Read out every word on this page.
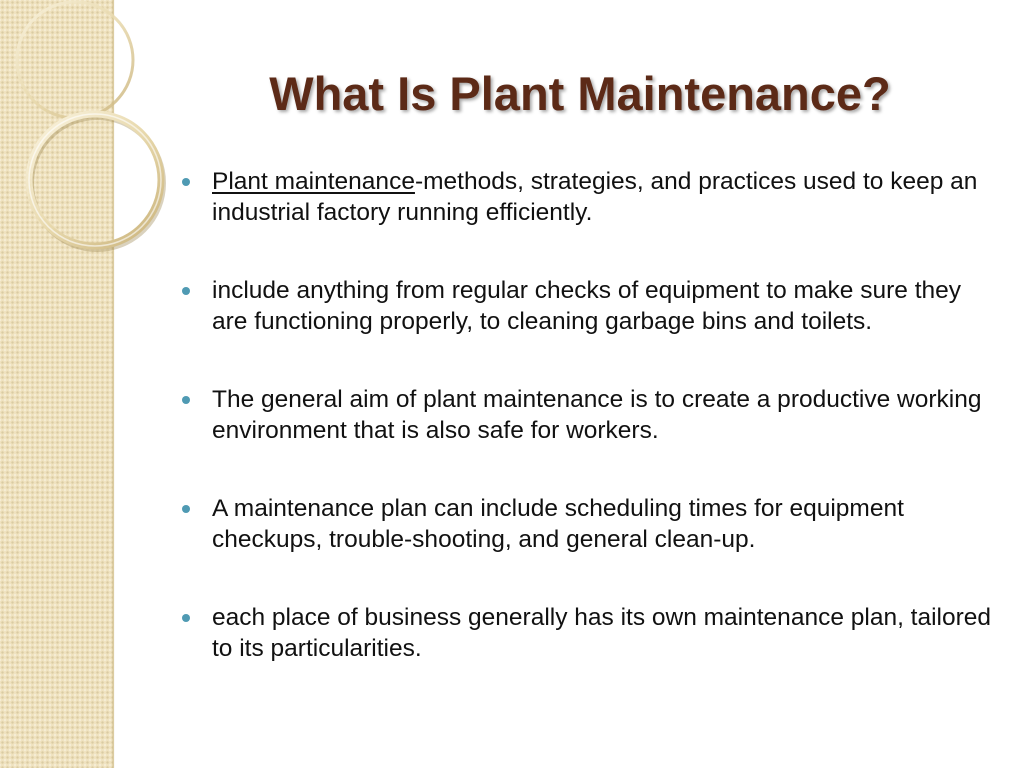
What Is Plant Maintenance?
Plant maintenance-methods, strategies, and practices used to keep an industrial factory running efficiently.
include anything from regular checks of equipment to make sure they are functioning properly, to cleaning garbage bins and toilets.
The general aim of plant maintenance is to create a productive working environment that is also safe for workers.
A maintenance plan can include scheduling times for equipment checkups, trouble-shooting, and general clean-up.
each place of business generally has its own maintenance plan, tailored to its particularities.
